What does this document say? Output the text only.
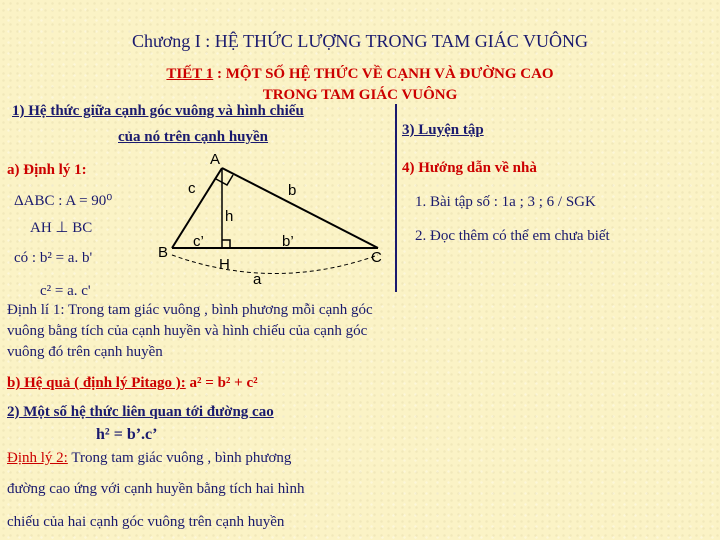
Chương I : HỆ THỨC LƯỢNG TRONG TAM GIÁC VUÔNG
TIẾT 1 : MỘT SỐ HỆ THỨC VỀ CẠNH VÀ ĐƯỜNG CAO
TRONG TAM GIÁC VUÔNG
1) Hệ thức giữa cạnh góc vuông và hình chiếu
của nó trên cạnh huyền
a) Định lý 1:
ΔABC : A = 90⁰
AH ⊥ BC
có : b² = a. b'
c² = a. c'
3) Luyện tập
4) Hướng dẫn về nhà
1. Bài tập số : 1a ; 3 ; 6 / SGK
2. Đọc thêm có thể em chưa biết
A
B	C
H
c	b
h
c’	b’
a
Định lí 1: Trong tam giác vuông , bình phương mỗi cạnh góc vuông bằng tích của cạnh huyền và hình chiếu của cạnh góc vuông đó trên cạnh huyền
b) Hệ quả ( định lý Pitago ): a² = b² + c²
2) Một số hệ thức liên quan tới đường cao
h² = b’.c’
Định lý 2: Trong tam giác vuông , bình phương
đường cao ứng với cạnh huyền bằng tích hai hình
chiếu của hai cạnh góc vuông trên cạnh huyền
